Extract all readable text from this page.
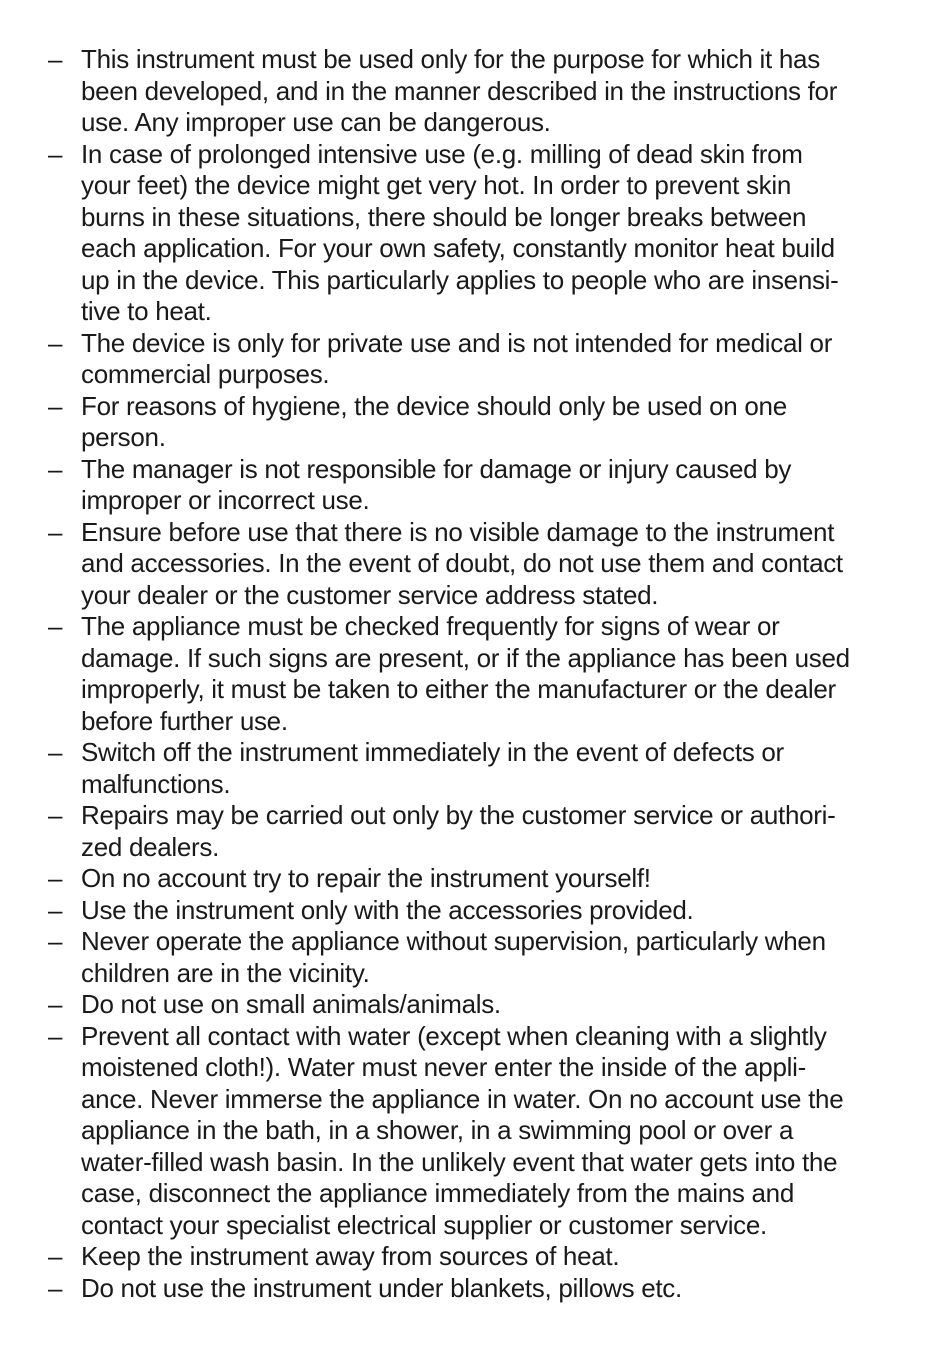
– This instrument must be used only for the purpose for which it has
been developed, and in the manner described in the instructions for
use. Any improper use can be dangerous.
– In case of prolonged intensive use (e.g. milling of dead skin from
your feet) the device might get very hot. In order to prevent skin
burns in these situations, there should be longer breaks between
each application. For your own safety, constantly monitor heat build
up in the device. This particularly applies to people who are insensi-
tive to heat.
– The device is only for private use and is not intended for medical or
commercial purposes.
– For reasons of hygiene, the device should only be used on one
person.
– The manager is not responsible for damage or injury caused by
improper or incorrect use.
– Ensure before use that there is no visible damage to the instrument
and accessories. In the event of doubt, do not use them and contact
your dealer or the customer service address stated.
– The appliance must be checked frequently for signs of wear or
damage. If such signs are present, or if the appliance has been used
improperly, it must be taken to either the manufacturer or the dealer
before further use.
– Switch off the instrument immediately in the event of defects or
malfunctions.
– Repairs may be carried out only by the customer service or authori-
zed dealers.
– On no account try to repair the instrument yourself!
– Use the instrument only with the accessories provided.
– Never operate the appliance without supervision, particularly when
children are in the vicinity.
– Do not use on small animals/animals.
– Prevent all contact with water (except when cleaning with a slightly
moistened cloth!). Water must never enter the inside of the appli-
ance. Never immerse the appliance in water. On no account use the
appliance in the bath, in a shower, in a swimming pool or over a
water-filled wash basin. In the unlikely event that water gets into the
case, disconnect the appliance immediately from the mains and
contact your specialist electrical supplier or customer service.
– Keep the instrument away from sources of heat.
– Do not use the instrument under blankets, pillows etc.
